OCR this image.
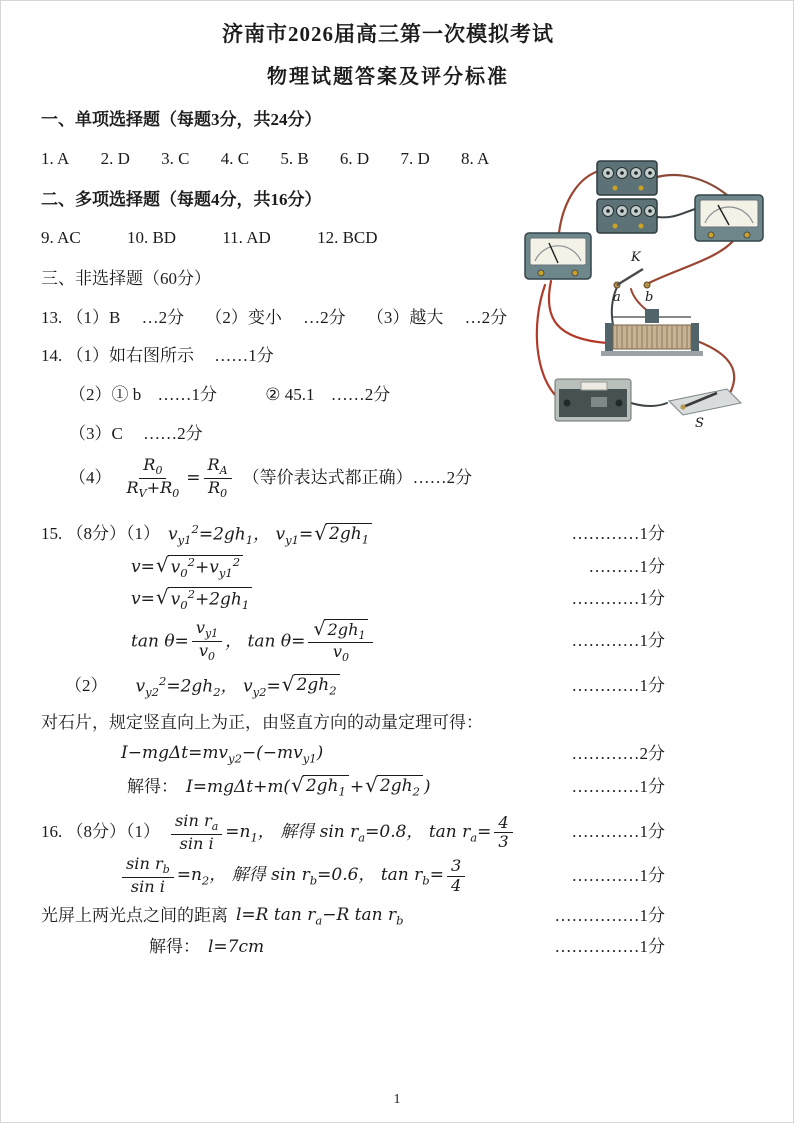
济南市2026届高三第一次模拟考试
物理试题答案及评分标准
一、单项选择题（每题3分，共24分）
1. A 2. D 3. C 4. C 5. B 6. D 7. D 8. A
二、多项选择题（每题4分，共16分）
9. AC	10. BD	11. AD	12. BCD
三、非选择题（60分）
13. （1）B …2分 （2）变小 …2分 （3）越大 …2分
14. （1）如右图所示 ……1分
（2）① b ……1分	② 45.1 ……2分
（3）C ……2分
$(4) \frac{R_0}{R_V+R_0} = \frac{R_A}{R_0}$ （等价表达式都正确）……2分
15. （8分）（1） $v_{y1}^2=2gh_1$， $v_{y1}=$ √ $2gh_1$	…………1分
v= √ $v_0^2+v_{y1}^2$	………1分
v= √ $v_0^2+2gh_1$	…………1分
$\tan \theta= \frac{v_{y1}}{v_0}$ ， $\tan \theta= \frac{√ 2gh_1}{v_0}$	…………1分
（2） $v_{y2}^2=2gh_2$， $v_{y2}=$ √ $2gh_2$	…………1分
对石片，规定竖直向上为正，由竖直方向的动量定理可得：
$I-mg\Delta t=mv_{y2}-(-mv_{y1})$	…………2分
解得： I=mgΔt+m( √ $2gh_1$ + √ $2gh_2$ )	…………1分
16. （8分）$(1) \frac{\sin r_a}{\text{sin i}} =n_1$， 解得 $\sin r_a=0.8$， $\tan r_a= \frac{4}{3}$	…………1分
$\frac{\sin r_b}{\text{sin i}} =n_2$， 解得 $\sin r_b=0.6$， $\tan r_b= \frac{3}{4}$	…………1分
光屏上两光点之间的距离 l=R $\tan r_a-R$ $\tan r_b$	……………1分
解得： l=7cm	……………1分
K
a b
S
1
